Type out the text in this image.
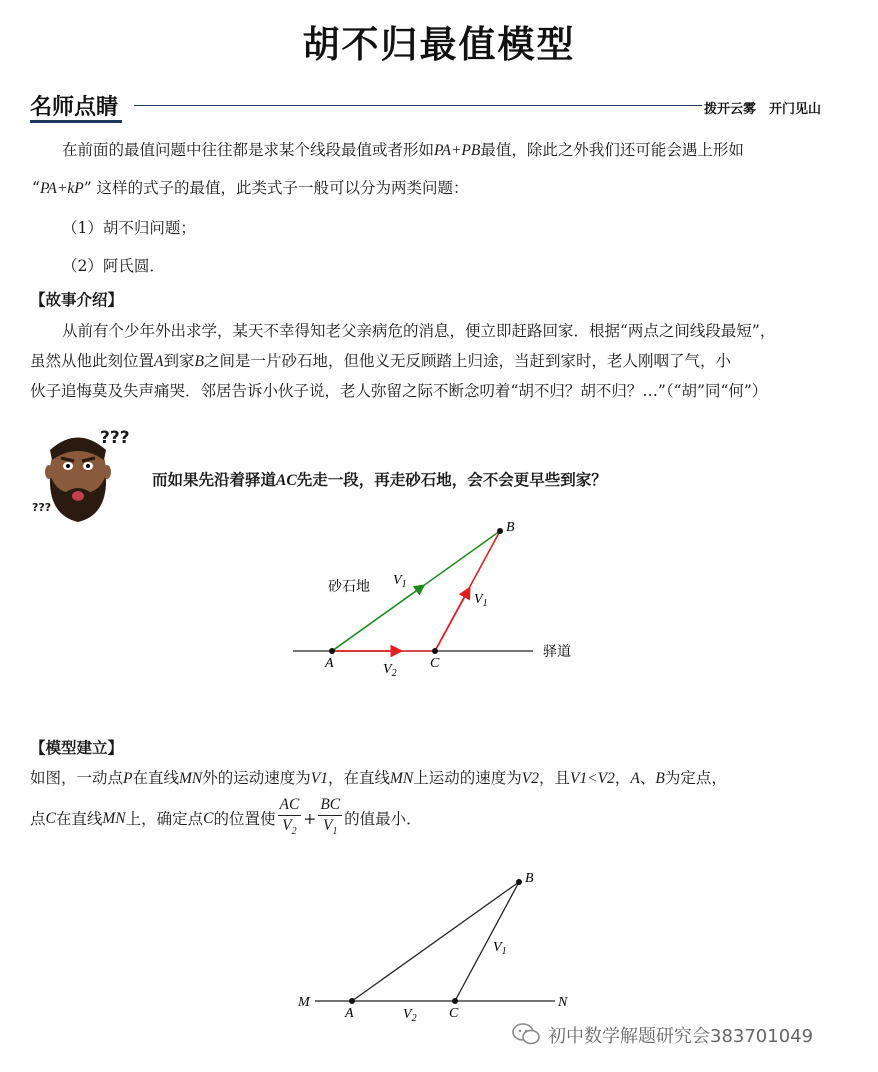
胡不归最值模型
名师点睛	拨开云雾　开门见山
在前面的最值问题中往往都是求某个线段最值或者形如PA+PB最值，除此之外我们还可能会遇上形如
“PA+kP” 这样的式子的最值，此类式子一般可以分为两类问题：
（1）胡不归问题；
（2）阿氏圆．
【故事介绍】
从前有个少年外出求学，某天不幸得知老父亲病危的消息，便立即赶路回家．根据“两点之间线段最短”，
虽然从他此刻位置A到家B之间是一片砂石地，但他义无反顾踏上归途，当赶到家时，老人刚咽了气，小
伙子追悔莫及失声痛哭．邻居告诉小伙子说，老人弥留之际不断念叨着“胡不归？胡不归？…”（“胡”同“何”）
???
???
而如果先沿着驿道AC先走一段，再走砂石地，会不会更早些到家？
A	C
B
$V_2$
$V_1$
$V_1$
砂石地
驿道
【模型建立】
如图，一动点P在直线MN外的运动速度为V1，在直线MN上运动的速度为V2，且V1<V2，A、B为定点，
点 C 在直线 MN 上，确定点 C 的位置使 $\frac{AC}{V_2} + \frac{BC}{V_1}$ 的值最小．
M	N
A	C
B
$V_2$
$V_1$
初中数学解题研究会383701049
